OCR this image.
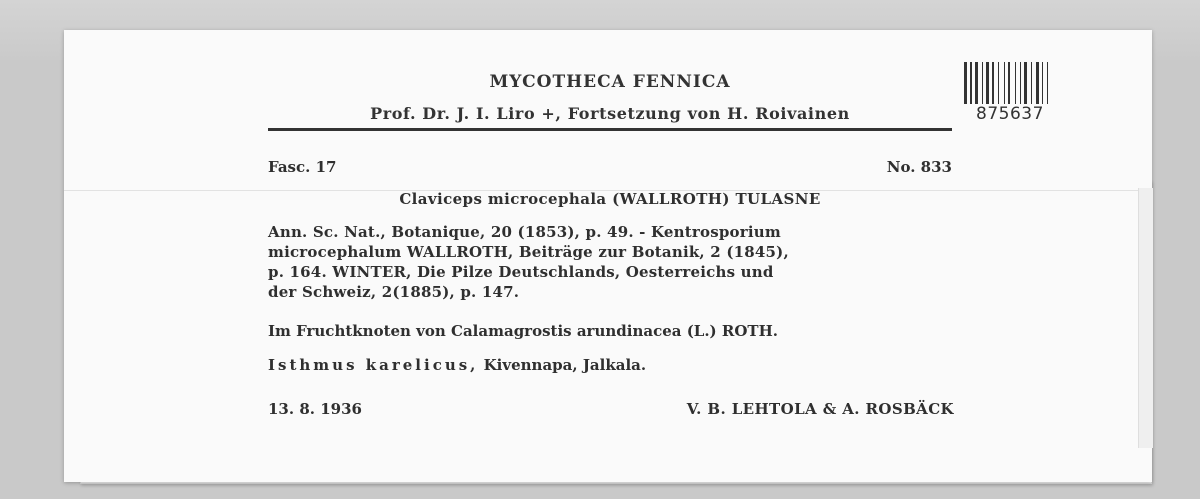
MYCOTHECA FENNICA
Prof. Dr. J. I. Liro +, Fortsetzung von H. Roivainen	875637
Fasc. 17	No. 833
Claviceps microcephala (WALLROTH) TULASNE
Ann. Sc. Nat., Botanique, 20 (1853), p. 49. - Kentrosporium
microcephalum WALLROTH, Beiträge zur Botanik, 2 (1845),
p. 164. WINTER, Die Pilze Deutschlands, Oesterreichs und
der Schweiz, 2(1885), p. 147.
Im Fruchtknoten von Calamagrostis arundinacea (L.) ROTH.
Isthmus karelicus, Kivennapa, Jalkala.
13. 8. 1936	V. B. LEHTOLA & A. ROSBÄCK
